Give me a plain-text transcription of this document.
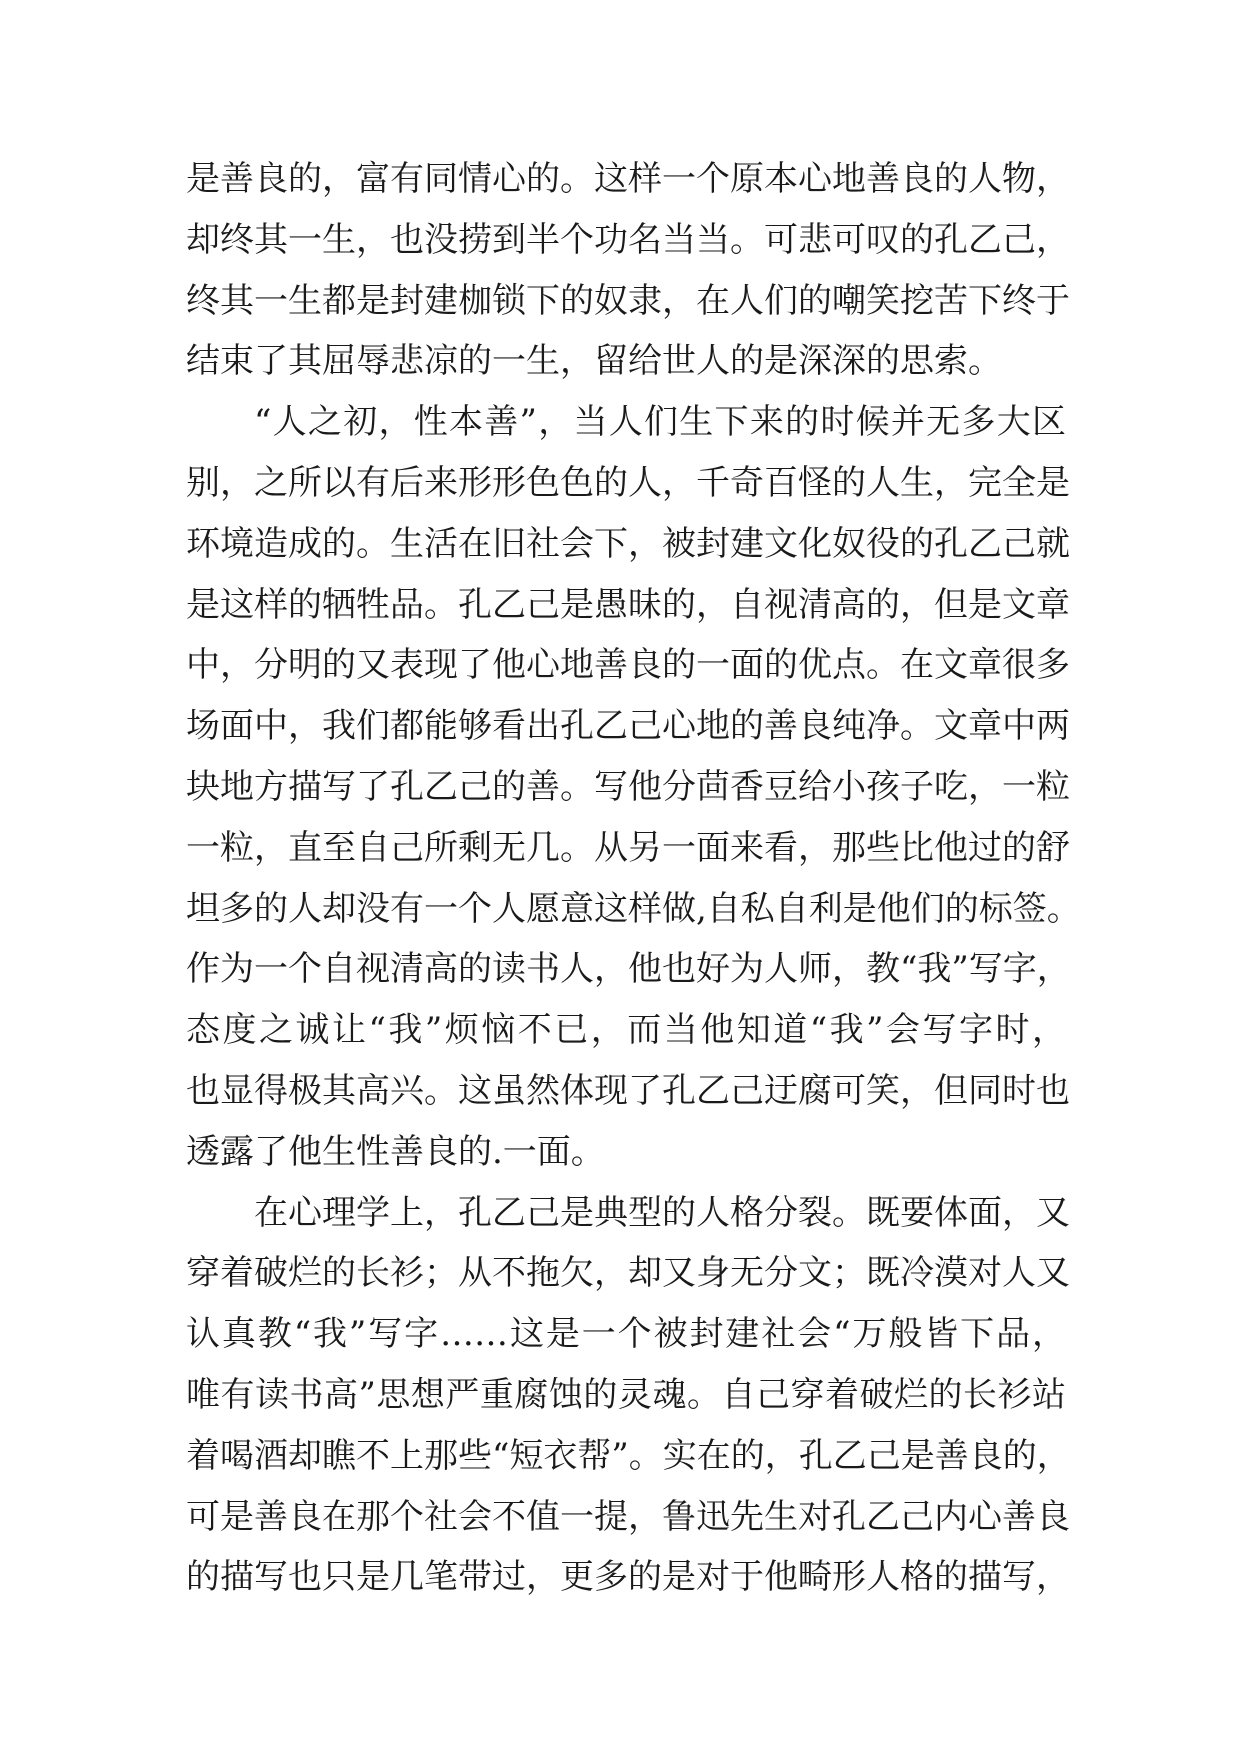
是善良的，富有同情心的。这样一个原本心地善良的人物，
却终其一生，也没捞到半个功名当当。可悲可叹的孔乙己，
终其一生都是封建枷锁下的奴隶，在人们的嘲笑挖苦下终于
结束了其屈辱悲凉的一生，留给世人的是深深的思索。
“人之初，性本善”，当人们生下来的时候并无多大区
别，之所以有后来形形色色的人，千奇百怪的人生，完全是
环境造成的。生活在旧社会下，被封建文化奴役的孔乙己就
是这样的牺牲品。孔乙己是愚昧的，自视清高的，但是文章
中，分明的又表现了他心地善良的一面的优点。在文章很多
场面中，我们都能够看出孔乙己心地的善良纯净。文章中两
块地方描写了孔乙己的善。写他分茴香豆给小孩子吃，一粒
一粒，直至自己所剩无几。从另一面来看，那些比他过的舒
坦多的人却没有一个人愿意这样做,自私自利是他们的标签。
作为一个自视清高的读书人，他也好为人师，教“我”写字，
态度之诚让“我”烦恼不已，而当他知道“我”会写字时，
也显得极其高兴。这虽然体现了孔乙己迂腐可笑，但同时也
透露了他生性善良的.一面。
在心理学上，孔乙己是典型的人格分裂。既要体面，又
穿着破烂的长衫；从不拖欠，却又身无分文；既冷漠对人又
认真教“我”写字……这是一个被封建社会“万般皆下品，
唯有读书高”思想严重腐蚀的灵魂。自己穿着破烂的长衫站
着喝酒却瞧不上那些“短衣帮”。实在的，孔乙己是善良的，
可是善良在那个社会不值一提，鲁迅先生对孔乙己内心善良
的描写也只是几笔带过，更多的是对于他畸形人格的描写，
